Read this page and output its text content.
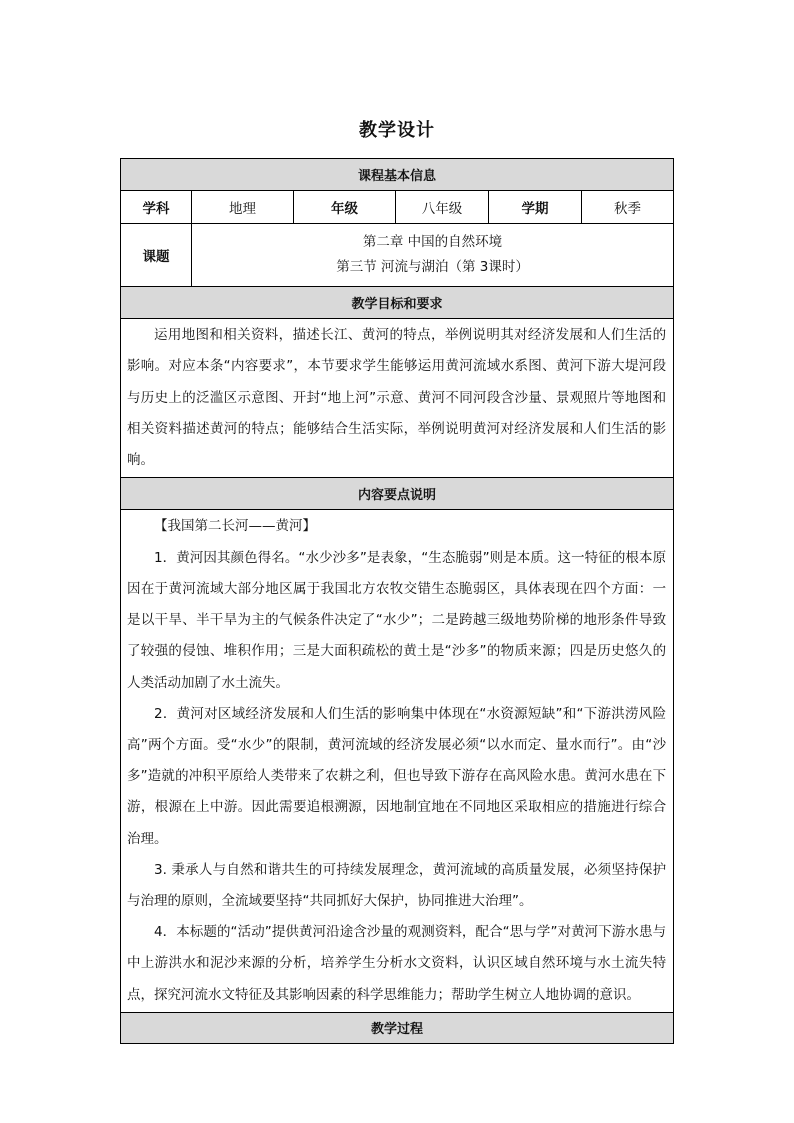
教学设计
课程基本信息					
学科	地理	年级	八年级	学期	秋季
课题	第二章 中国的自然环境
第三节 河流与湖泊（第 3课时）				

教学目标和要求					

运用地图和相关资料，描述长江、黄河的特点，举例说明其对经济发展和人们生活的影响。对应本条“内容要求”，本节要求学生能够运用黄河流域水系图、黄河下游大堤河段与历史上的泛滥区示意图、开封“地上河”示意、黄河不同河段含沙量、景观照片等地图和相关资料描述黄河的特点；能够结合生活实际，举例说明黄河对经济发展和人们生活的影响。					

内容要点说明					

【我国第二长河——黄河】

1．黄河因其颜色得名。“水少沙多”是表象，“生态脆弱”则是本质。这一特征的根本原因在于黄河流域大部分地区属于我国北方农牧交错生态脆弱区，具体表现在四个方面：一是以干旱、半干旱为主的气候条件决定了“水少”；二是跨越三级地势阶梯的地形条件导致了较强的侵蚀、堆积作用；三是大面积疏松的黄土是“沙多”的物质来源；四是历史悠久的人类活动加剧了水土流失。

2．黄河对区域经济发展和人们生活的影响集中体现在“水资源短缺”和“下游洪涝风险高”两个方面。受“水少”的限制，黄河流域的经济发展必须“以水而定、量水而行”。由“沙多”造就的冲积平原给人类带来了农耕之利，但也导致下游存在高风险水患。黄河水患在下游，根源在上中游。因此需要追根溯源，因地制宜地在不同地区采取相应的措施进行综合治理。

3. 秉承人与自然和谐共生的可持续发展理念，黄河流域的高质量发展，必须坚持保护与治理的原则，全流域要坚持“共同抓好大保护，协同推进大治理”。

4．本标题的“活动”提供黄河沿途含沙量的观测资料，配合“思与学”对黄河下游水患与中上游洪水和泥沙来源的分析，培养学生分析水文资料，认识区域自然环境与水土流失特点，探究河流水文特征及其影响因素的科学思维能力；帮助学生树立人地协调的意识。					

教学过程					
